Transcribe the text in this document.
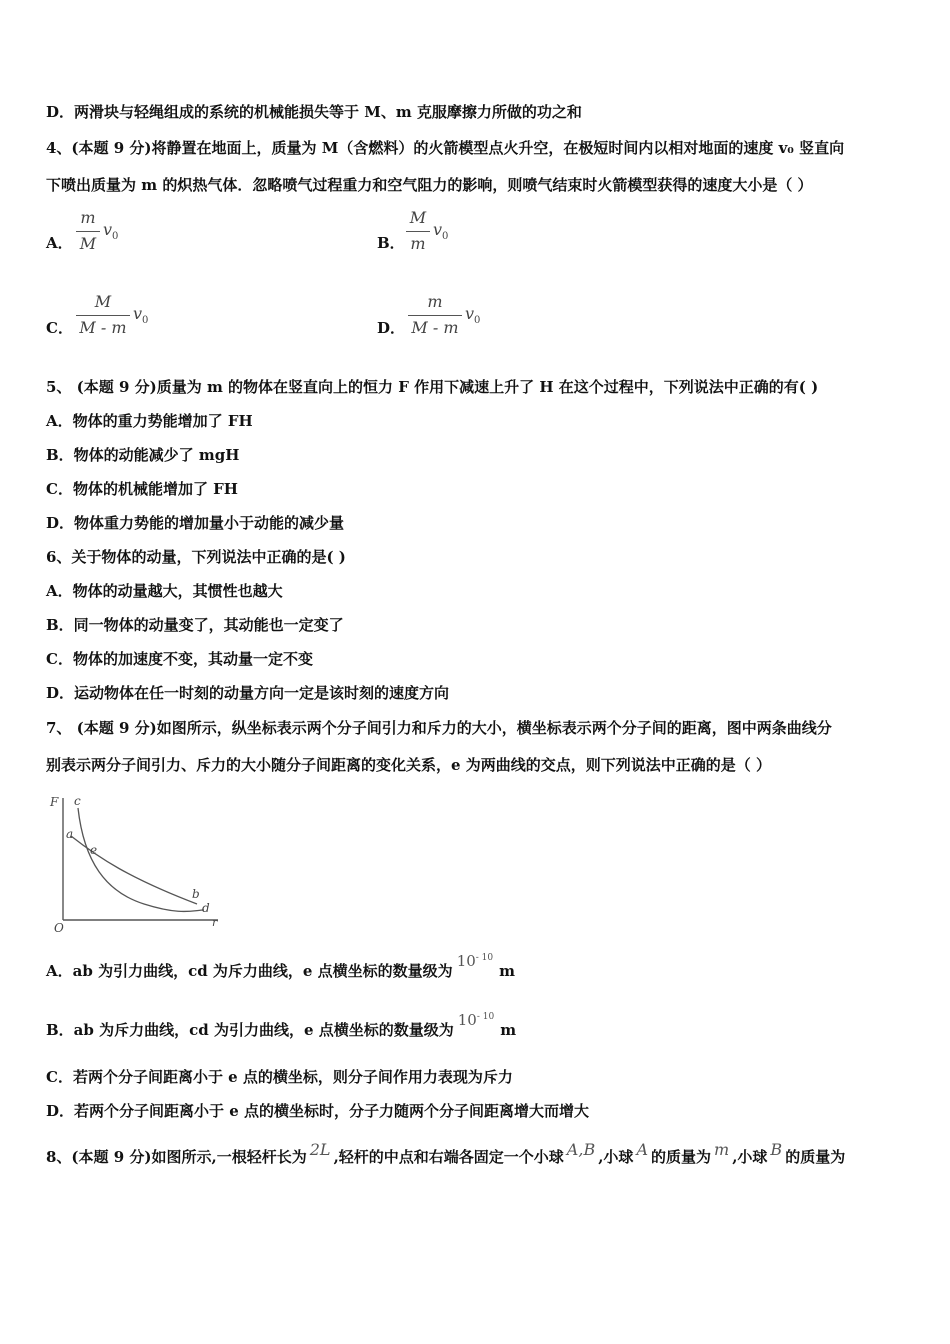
D．两滑块与轻绳组成的系统的机械能损失等于 M、m 克服摩擦力所做的功之和
4、(本题 9 分)将静置在地面上，质量为 M（含燃料）的火箭模型点火升空，在极短时间内以相对地面的速度 v₀ 竖直向
下喷出质量为 m 的炽热气体．忽略喷气过程重力和空气阻力的影响，则喷气结束时火箭模型获得的速度大小是（ ）
A．
m
M
$v_0$	B．
M
m
$v_0$
C．
M
M - m
$v_0$	D．
m
M - m
$v_0$
5、 (本题 9 分)质量为 m 的物体在竖直向上的恒力 F 作用下减速上升了 H 在这个过程中，下列说法中正确的有( )
A．物体的重力势能增加了 FH
B．物体的动能减少了 mgH
C．物体的机械能增加了 FH
D．物体重力势能的增加量小于动能的减少量
6、关于物体的动量，下列说法中正确的是( )
A．物体的动量越大，其惯性也越大
B．同一物体的动量变了，其动能也一定变了
C．物体的加速度不变，其动量一定不变
D．运动物体在任一时刻的动量方向一定是该时刻的速度方向
7、 (本题 9 分)如图所示，纵坐标表示两个分子间引力和斥力的大小，横坐标表示两个分子间的距离，图中两条曲线分
别表示两分子间引力、斥力的大小随分子间距离的变化关系，e 为两曲线的交点，则下列说法中正确的是（ ）
F
O	r
a
c
e
b
d
A．ab 为引力曲线，cd 为斥力曲线，e 点横坐标的数量级为$10^{- 10}m$
B．ab 为斥力曲线，cd 为引力曲线，e 点横坐标的数量级为$10^{- 10}m$
C．若两个分子间距离小于 e 点的横坐标，则分子间作用力表现为斥力
D．若两个分子间距离小于 e 点的横坐标时，分子力随两个分子间距离增大而增大
8、(本题 9 分)如图所示,一根轻杆长为 2L ,轻杆的中点和右端各固定一个小球 A,B ,小球 A 的质量为 m ,小球 B 的质量为
